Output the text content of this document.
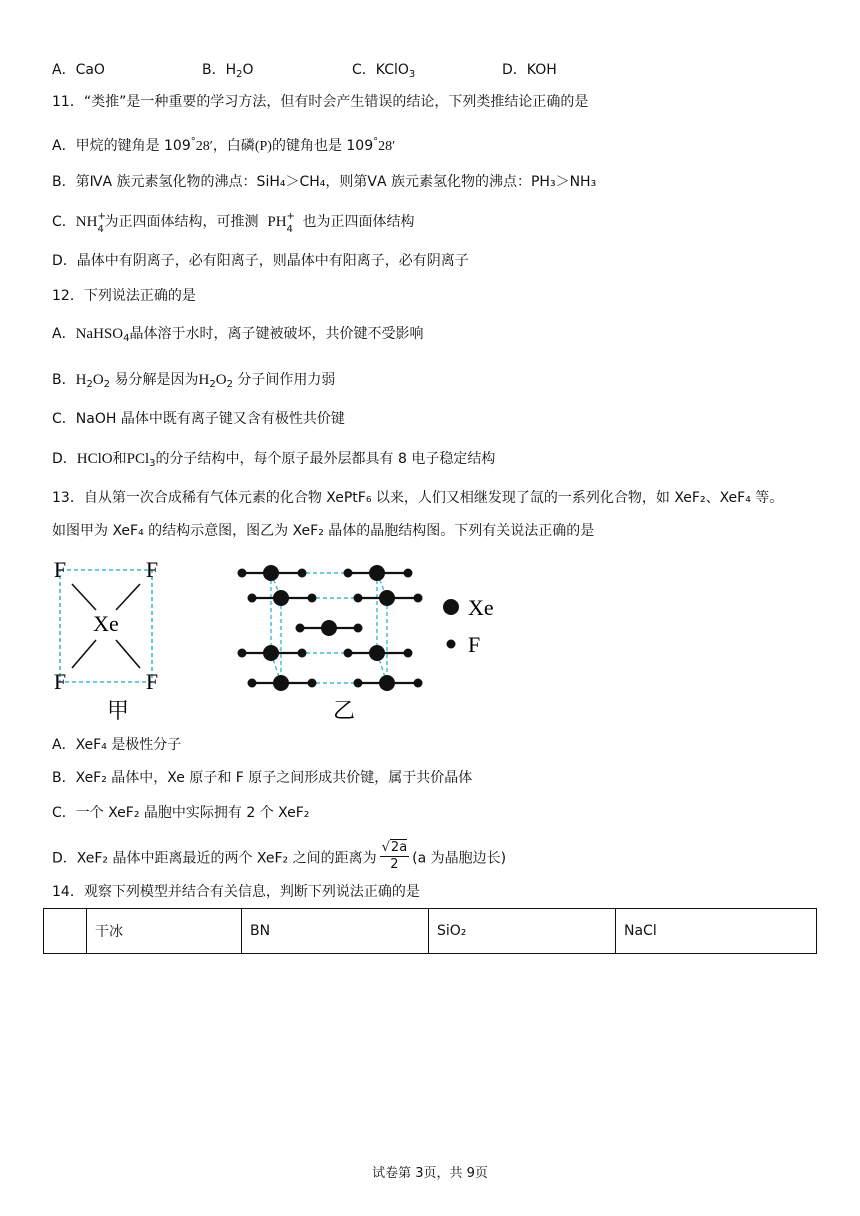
A．CaO	B．$H_2O$	C．KClO$_3$	D．KOH
11．“类推”是一种重要的学习方法，但有时会产生错误的结论，下列类推结论正确的是
A．甲烷的键角是 109°28′，白磷(P)的键角也是 109°28′
B．第ⅣA 族元素氢化物的沸点：SiH₄＞CH₄，则第ⅤA 族元素氢化物的沸点：PH₃＞NH₃
C．NH +
4 为正四面体结构，可推测 PH +
4 也为正四面体结构
D．晶体中有阴离子，必有阳离子，则晶体中有阳离子，必有阴离子
12．下列说法正确的是
A．NaHSO$_4$晶体溶于水时，离子键被破坏，共价键不受影响
B．$H_2O_2$ 易分解是因为$H_2O_2$ 分子间作用力弱
C．NaOH 晶体中既有离子键又含有极性共价键
D．HClO和PCl$_3$的分子结构中，每个原子最外层都具有 8 电子稳定结构
13．自从第一次合成稀有气体元素的化合物 XePtF₆ 以来，人们又相继发现了氙的一系列化合物，如 XeF₂、XeF₄ 等。
如图甲为 XeF₄ 的结构示意图，图乙为 XeF₂ 晶体的晶胞结构图。下列有关说法正确的是
Xe
F	F
F	F
甲
Xe
F
乙
A．XeF₄ 是极性分子
B．XeF₂ 晶体中，Xe 原子和 F 原子之间形成共价键，属于共价晶体
C．一个 XeF₂ 晶胞中实际拥有 2 个 XeF₂
D．XeF₂ 晶体中距离最近的两个 XeF₂ 之间的距离为 $\frac{√2a}{2} (a$ 为晶胞边长)
14．观察下列模型并结合有关信息，判断下列说法正确的是
	干冰	BN	SiO₂	NaCl
试卷第 3页，共 9页
